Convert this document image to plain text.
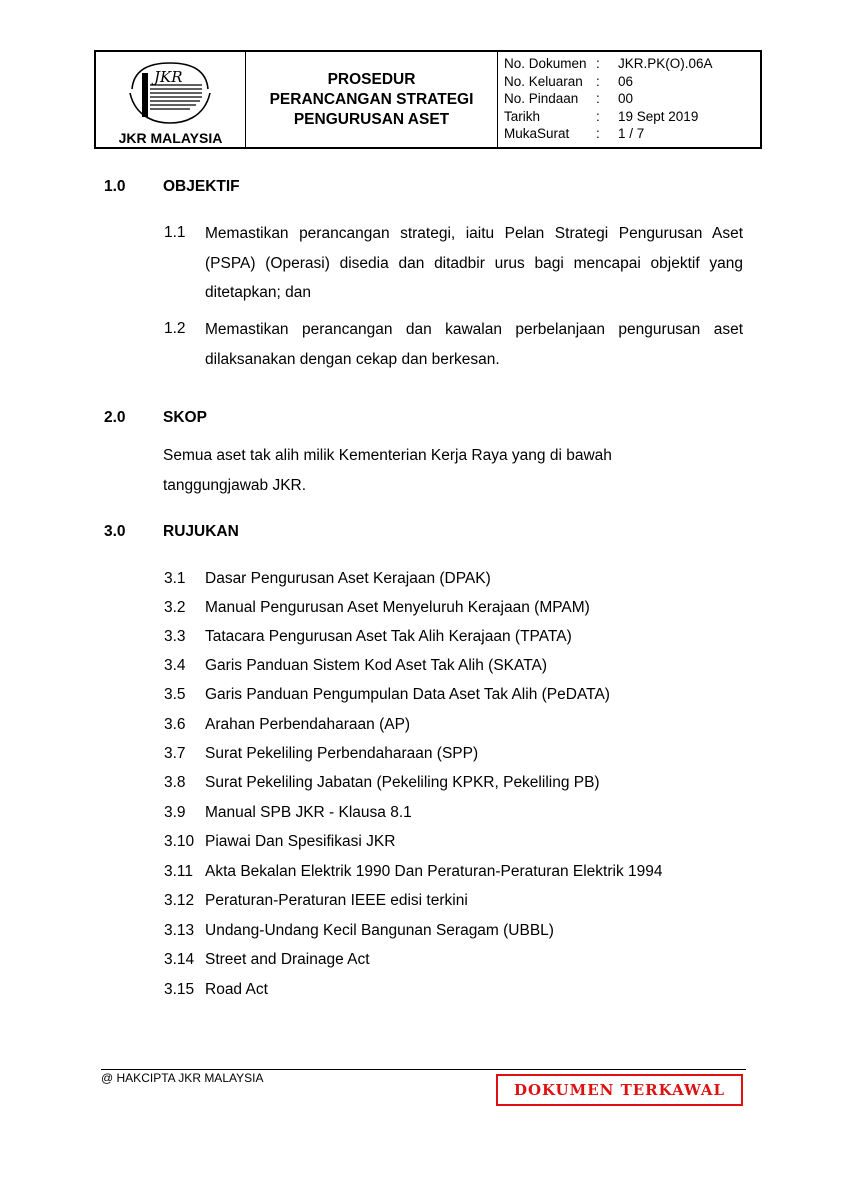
JKR
JKR MALAYSIA
PROSEDUR
PERANCANGAN STRATEGI
PENGURUSAN ASET
No. Dokumen :	JKR.PK(O).06A
No. Keluaran :	06
No. Pindaan	:	00
Tarikh	:	19 Sept 2019
MukaSurat	:	1 / 7
1.0 OBJEKTIF
1.1 Memastikan perancangan strategi, iaitu Pelan Strategi Pengurusan Aset (PSPA) (Operasi) disedia dan ditadbir urus bagi mencapai objektif yang ditetapkan; dan
1.2 Memastikan perancangan dan kawalan perbelanjaan pengurusan aset dilaksanakan dengan cekap dan berkesan.
2.0 SKOP
Semua aset tak alih milik Kementerian Kerja Raya yang di bawah tanggungjawab JKR.
3.0 RUJUKAN
3.1 Dasar Pengurusan Aset Kerajaan (DPAK)
3.2 Manual Pengurusan Aset Menyeluruh Kerajaan (MPAM)
3.3 Tatacara Pengurusan Aset Tak Alih Kerajaan (TPATA)
3.4 Garis Panduan Sistem Kod Aset Tak Alih (SKATA)
3.5 Garis Panduan Pengumpulan Data Aset Tak Alih (PeDATA)
3.6 Arahan Perbendaharaan (AP)
3.7 Surat Pekeliling Perbendaharaan (SPP)
3.8 Surat Pekeliling Jabatan (Pekeliling KPKR, Pekeliling PB)
3.9 Manual SPB JKR - Klausa 8.1
3.10 Piawai Dan Spesifikasi JKR
3.11 Akta Bekalan Elektrik 1990 Dan Peraturan-Peraturan Elektrik 1994
3.12 Peraturan-Peraturan IEEE edisi terkini
3.13 Undang-Undang Kecil Bangunan Seragam (UBBL)
3.14 Street and Drainage Act
3.15 Road Act
@ HAKCIPTA JKR MALAYSIA
DOKUMEN TERKAWAL
